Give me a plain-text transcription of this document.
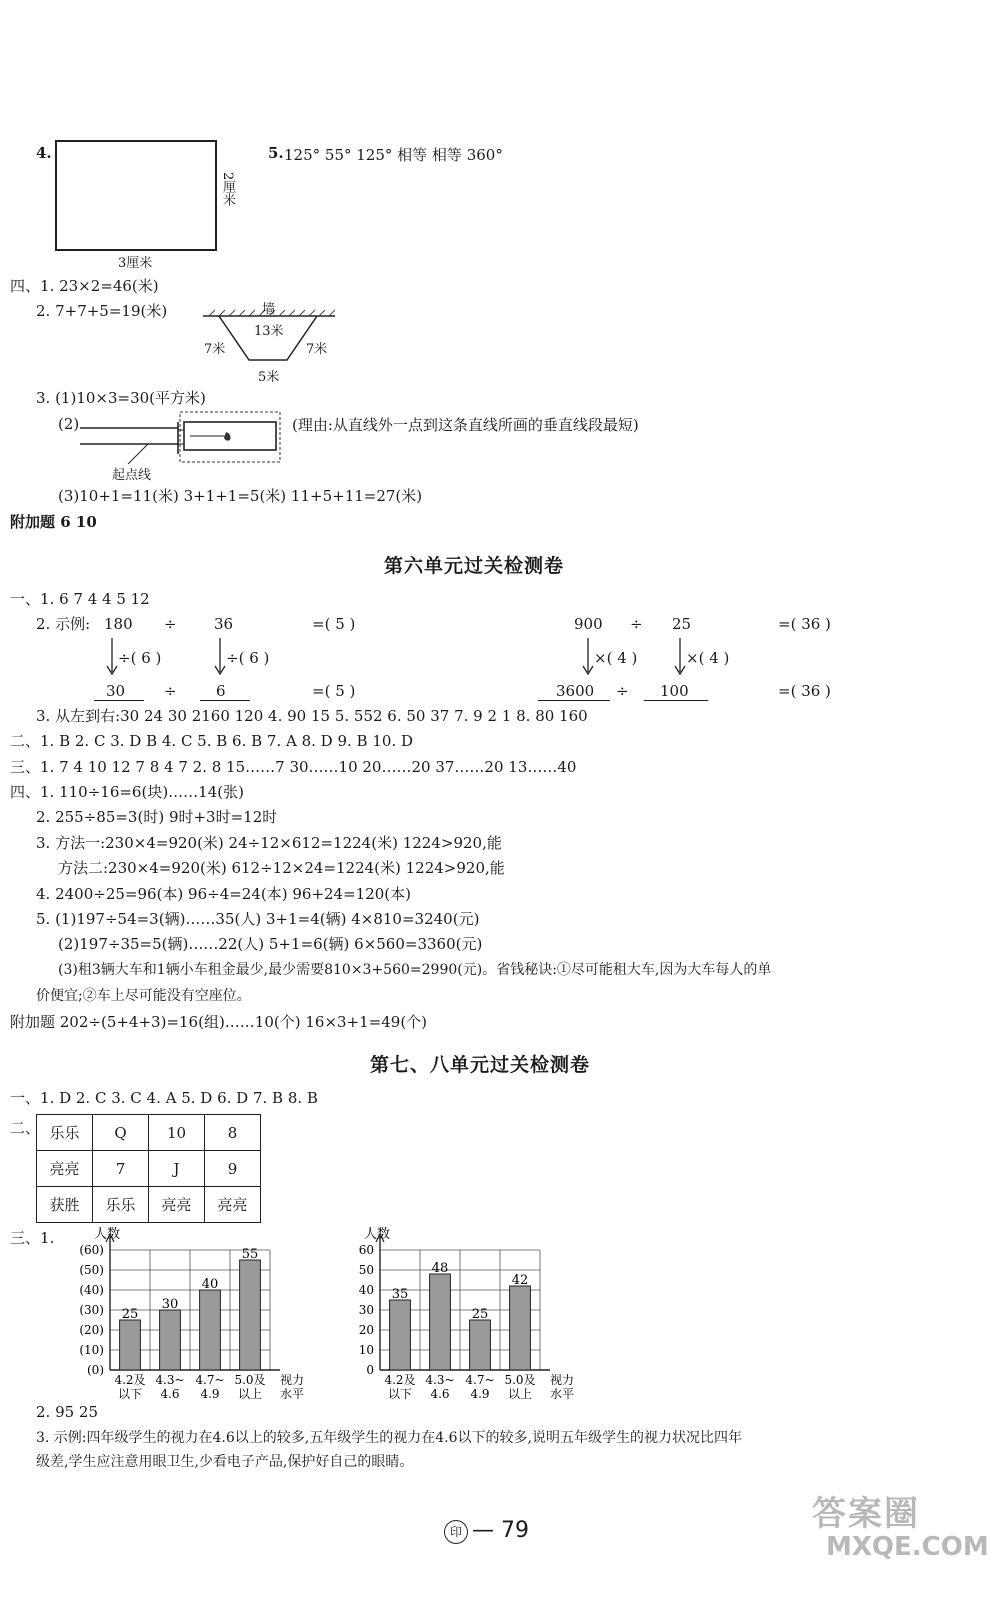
4.
3厘米
2厘米
5. 125° 55° 125° 相等 相等 360°
四、1. 23×2=46(米)
2. 7+7+5=19(米)	墙
13米
7米	7米
5米
3. (1)10×3=30(平方米)
(2)	(理由:从直线外一点到这条直线所画的垂直线段最短)
起点线
(3)10+1=11(米) 3+1+1=5(米) 11+5+11=27(米)
附加题 6 10
第六单元过关检测卷
一、1. 6 7 4 4 5 12
2. 示例: 180 ÷ 36	=( 5 )
÷( 6 )	÷( 6 )
30	÷	6	=( 5 )
900 ÷ 25	=( 36 )
×( 4 )	×( 4 )
3600 ÷ 100	=( 36 )
3. 从左到右:30 24 30 2160 120 4. 90 15 5. 552 6. 50 37 7. 9 2 1 8. 80 160
二、1. B 2. C 3. D B 4. C 5. B 6. B 7. A 8. D 9. B 10. D
三、1. 7 4 10 12 7 8 4 7 2. 8 15……7 30……10 20……20 37……20 13……40
四、1. 110÷16=6(块)……14(张)
2. 255÷85=3(时) 9时+3时=12时
3. 方法一:230×4=920(米) 24÷12×612=1224(米) 1224>920,能
方法二:230×4=920(米) 612÷12×24=1224(米) 1224>920,能
4. 2400÷25=96(本) 96÷4=24(本) 96+24=120(本)
5. (1)197÷54=3(辆)……35(人) 3+1=4(辆) 4×810=3240(元)
(2)197÷35=5(辆)……22(人) 5+1=6(辆) 6×560=3360(元)
(3)租3辆大车和1辆小车租金最少,最少需要810×3+560=2990(元)。省钱秘诀:①尽可能租大车,因为大车每人的单
价便宜;②车上尽可能没有空座位。
附加题 202÷(5+4+3)=16(组)……10(个) 16×3+1=49(个)
第七、八单元过关检测卷
一、1. D 2. C 3. C 4. A 5. D 6. D 7. B 8. B
二、 乐乐	Q	10	8
亮亮	7	J	9
获胜	乐乐	亮亮	亮亮
三、1.	人数
(60)
(50)
(40)
(30)
(20)
(10)
(0)
25
30
40
55
4.2及以下
4.3~ 4.6
4.7~ 4.9
5.0及以上
视力水平
人数
60
50
40
30
20
10
0
35
48
25
42
4.2及以下
4.3~ 4.6
4.7~ 4.9
5.0及以上
视力水平
2. 95 25
3. 示例:四年级学生的视力在4.6以上的较多,五年级学生的视力在4.6以下的较多,说明五年级学生的视力状况比四年
级差,学生应注意用眼卫生,少看电子产品,保护好自己的眼睛。
印 — 79	答案圈
MXQE.COM
